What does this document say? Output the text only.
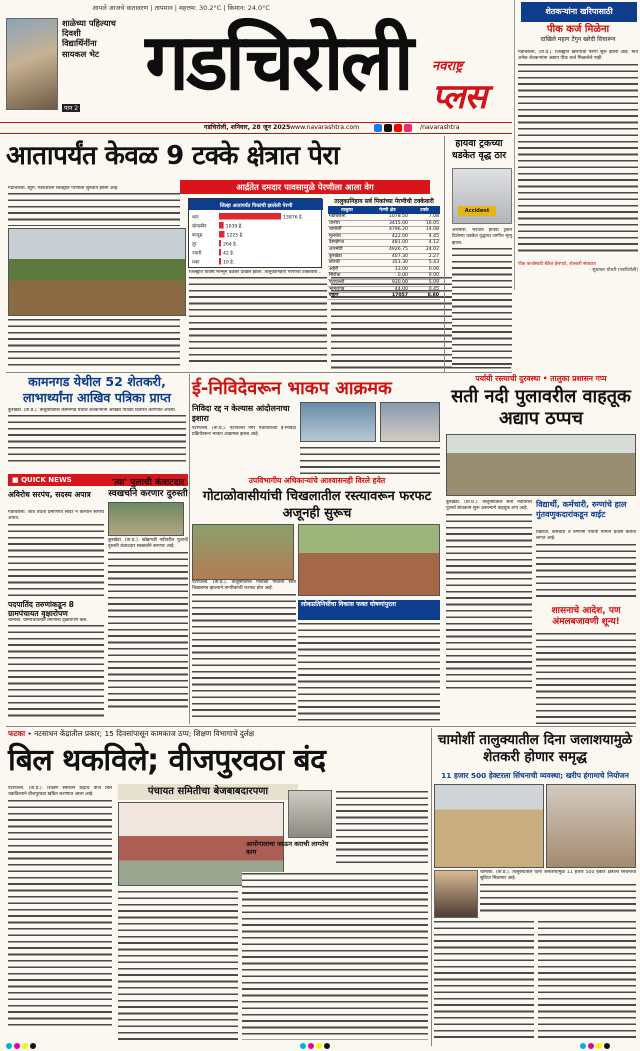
आपले आजचे वातावरण | तापमान | महत्तम: 30.2°C | किमान: 24.0°C
शाळेच्या पहिल्याच दिवशी विद्यार्थिनींना सायकल भेट
पान 2
गडचिरोली	नवराष्ट्र
प्लस
गडचिरोली, शनिवार, 28 जून 2025 www.navarashtra.com	/navarashtra
शेतकऱ्यांना खरिपासाठी
पीक कर्ज मिळेना
दाखिले महाग टेंगुन खरेदी विचारून
गडचिरोली, (ता.प्र.). जिल्ह्यात खरिपाची पेरणी सुरू झाली आहे. मात्र अनेक शेतकऱ्यांना अद्याप पीक कर्ज मिळालेले नाही.
पीक कर्जासाठी बँकेत हेलपाटे, शेतकरी संकटात
- सुधाकर चौधरी (गडचिरोली)
आतापर्यंत केवळ 9 टक्के क्षेत्रात पेरा
आर्द्रतेत दमदार पावसामुळे पेरणीला आला वेग
गडचिरोली, ब्युरो. गडचिरोली जिल्ह्यात पेरणीला सुरुवात झाली आहे.
जिल्ह्यात यावर्षी मान्सून वेळेवर दाखल झाला. तालुकानिहाय पेरणीची टक्केवारी...
जिल्हा आतापर्यंत पिकांची झालेली पेरणी
धान	13876 हे.
सोयाबीन	1039 हे.
कापूस	1225 हे.
तूर	264 हे.
ज्वारी	42 हे.
मका	10 हे.
तालुकानिहाय सर्व पिकांच्या पेरणीची टक्केवारी
तालुका	पेरणी क्षेत्र	टक्के
गडचिरोली	1078.50	7.08
धानोरा	3415.00	16.05
चामोर्शी	4796.20	14.08
मुलचेरा	422.00	4.45
देसाईगंज	481.00	4.12
आरमोरी	4926.75	24.02
कुरखेडा	407.30	2.27
कोरची	351.30	5.43
अहेरी	13.00	0.06
सिरोंचा	0.00	0.00
एटापल्ली	930.00	5.09
भामरागड	44.00	0.45
एकूण	17057	8.80
हायवा ट्रकच्या धडकेत वृद्ध ठार
Accident
आरमोरी. भरधाव हायवा ट्रकने दिलेल्या धडकेत वृद्धाचा जागीच मृत्यू झाला.
कामनगड येथील 52 शेतकरी, लाभार्थ्यांना आखिव पत्रिका प्राप्त
कुरखेडा. (ता.प्र.). तालुक्यातील कामनगड येथील शेतकऱ्यांना आखिव पत्रिका वितरित करण्यात आल्या.
■ QUICK NEWS
अविरोध सरपंच, सदस्य अपात्र
गडचिरोली. जात वैधता प्रमाणपत्र सादर न केल्याने सरपंच अपात्र.
पदपातिंद तरुणांकडून 8 ग्रामपंचायत वृक्षारोपण
चामोर्शी. ग्रामपंचायतीत तरुणांनी वृक्षारोपण केले.
'त्या' पुलाची कंत्राटदार स्वखर्चाने करणार दुरुस्ती
कुरखेडा. (ता.प्र.). खोब्रागडी नदीवरील पुलाची दुरुस्ती कंत्राटदार स्वखर्चाने करणार आहे.
ई-निविदेवरून भाकप आक्रमक
निविदा रद्द न केल्यास आंदोलनाचा इशारा
एटापल्ली. (ता.प्र.). एटापल्ली नगर पंचायतीच्या ई-निविदा प्रक्रियेवरून भाकप आक्रमक झाला आहे.
पर्यायी रस्त्याची दुरवस्था • तालुका प्रशासन गप्प
सती नदी पुलावरील वाहतूक अद्याप ठप्पच
कुरखेडा. (ता.प्र.). तालुक्यातील सती नदीवरील पुलाचे बांधकाम सुरू असल्याने वाहतूक ठप्प आहे.
उपविभागीय अधिकाऱ्यांचे आश्वासनही विरले हवेत
गोटाळोवासीयांची चिखलातील रस्त्यावरून फरफट अजूनही सुरूच
एटापल्ली. (ता.प्र.). तालुक्यातील गोटाळो गावाचा रस्ता चिखलमय झाल्याने नागरिकांची फरफट होत आहे.
लोकप्रतिनिधींचा विकास फक्त घोषणांपुरता
विद्यार्थी, कर्मचारी, रुग्णांचे हाल गुंतवणुकदारांकडून वाईट
विद्यार्थी, कर्मचारी व रुग्णांना पर्यायी मार्गाने प्रवास करावा लागत आहे.
शासनाचे आदेश, पण अंमलबजावणी शून्य!
फटका • नटसाधन केंद्रातील प्रकार; 15 दिवसांपासून कामकाज ठप्प; शिक्षण विभागाचे दुर्लक्ष
बिल थकविले; वीजपुरवठा बंद
पंचायत समितीचा बेजबाबदारपणा
एटापल्ली. (ता.प्र.). शिक्षण संसाधन केंद्राचे वीज बिल थकविल्याने वीजपुरवठा खंडित करण्यात आला आहे.
आयोगालाचा जाऊन कराची लागतेय काम
चामोर्शी तालुक्यातील दिना जलाशयामुळे शेतकरी होणार समृद्ध
11 हजार 500 हेक्टरला सिंचनाची व्यवस्था; खरीप हंगामाचे नियोजन
चामोर्शी. (ता.प्र.). तालुक्यातील दिना जलाशयामुळे 11 हजार 500 हेक्टर क्षेत्राला सिंचनाची सुविधा मिळणार आहे.
